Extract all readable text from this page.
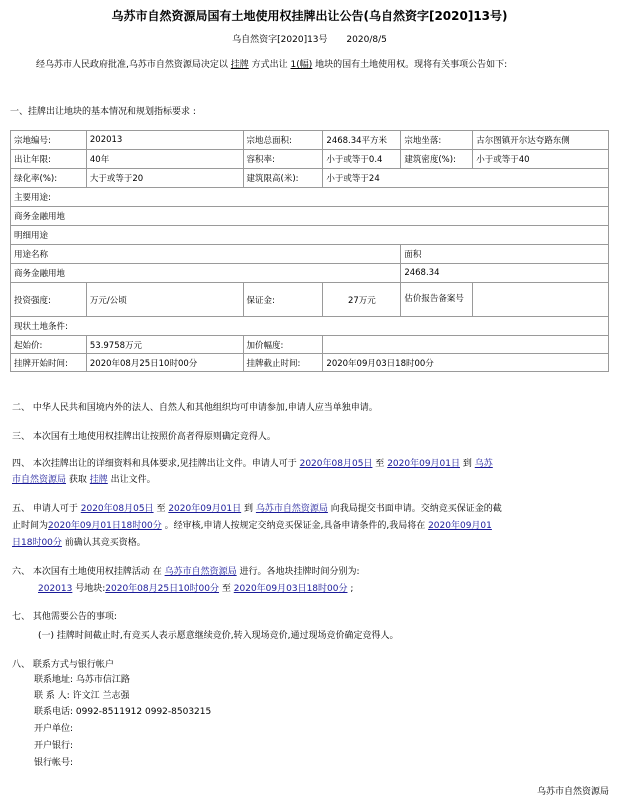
乌苏市自然资源局国有土地使用权挂牌出让公告(乌自然资字[2020]13号)
乌自然资字[2020]13号 2020/8/5
经乌苏市人民政府批准,乌苏市自然资源局决定以 挂牌 方式出让 1(幅) 地块的国有土地使用权。现将有关事项公告如下:
一、挂牌出让地块的基本情况和规划指标要求 :
宗地编号:	202013	宗地总面积:	2468.34平方米	宗地坐落:	古尔图镇开尔达夸路东侧
出让年限:	40年	容积率:	小于或等于0.4	建筑密度(%):	小于或等于40
绿化率(%):	大于或等于20	建筑限高(米):	小于或等于24		
主要用途:					
商务金融用地					
明细用途					
用途名称				面积	
商务金融用地				2468.34	
投资强度:	万元/公顷	保证金:	27万元	估价报告备案号	
现状土地条件:					
起始价:	53.9758万元	加价幅度:			
挂牌开始时间:	2020年08月25日10时00分	挂牌截止时间:	2020年09月03日18时00分		
二、 中华人民共和国境内外的法人、自然人和其他组织均可申请参加,申请人应当单独申请。
三、 本次国有土地使用权挂牌出让按照价高者得原则确定竞得人。
四、 本次挂牌出让的详细资料和具体要求,见挂牌出让文件。申请人可于 2020年08月05日 至 2020年09月01日 到 乌苏
市自然资源局 获取 挂牌 出让文件。
五、 申请人可于 2020年08月05日 至 2020年09月01日 到 乌苏市自然资源局 向我局提交书面申请。交纳竞买保证金的截
止时间为2020年09月01日18时00分 。经审核,申请人按规定交纳竞买保证金,具备申请条件的,我局将在 2020年09月01
日18时00分 前确认其竞买资格。
六、 本次国有土地使用权挂牌活动 在 乌苏市自然资源局 进行。各地块挂牌时间分别为:
202013 号地块:2020年08月25日10时00分 至 2020年09月03日18时00分 ;
七、 其他需要公告的事项:
(一) 挂牌时间截止时,有竞买人表示愿意继续竞价,转入现场竞价,通过现场竞价确定竞得人。
八、 联系方式与银行帐户
联系地址: 乌苏市信江路
联 系 人: 许文江 兰志强
联系电话: 0992-8511912 0992-8503215
开户单位:
开户银行:
银行帐号:
乌苏市自然资源局
